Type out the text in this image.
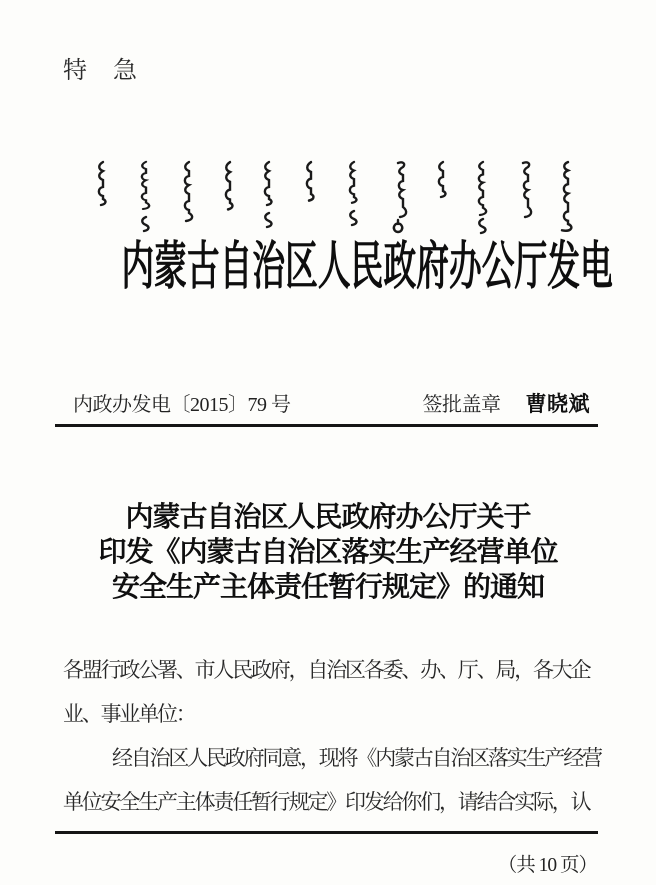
特　急
内蒙古自治区人民政府办公厅发电
内政办发电〔2015〕79 号	签批盖章 曹晓斌
内蒙古自治区人民政府办公厅关于
印发《内蒙古自治区落实生产经营单位
安全生产主体责任暂行规定》的通知
各盟行政公署、市人民政府，自治区各委、办、厅、局，各大企
业、事业单位：
经自治区人民政府同意，现将《内蒙古自治区落实生产经营
单位安全生产主体责任暂行规定》印发给你们，请结合实际，认
（共 10 页）
